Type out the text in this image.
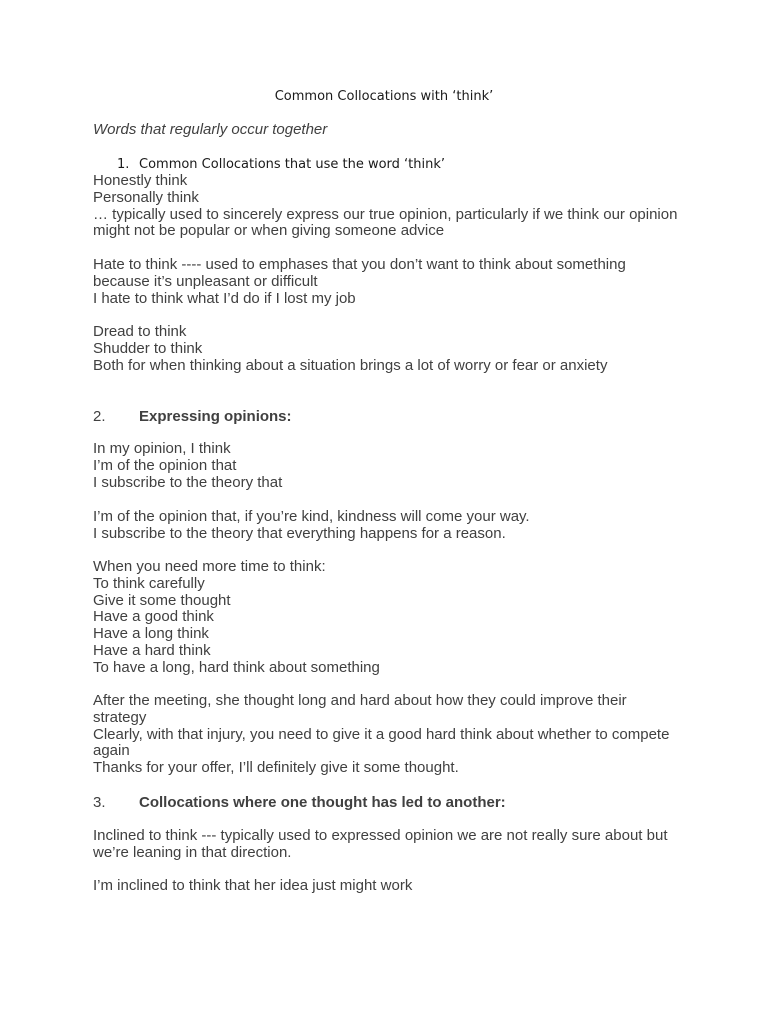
Common Collocations with ‘think’
Words that regularly occur together
1. Common Collocations that use the word ‘think’
Honestly think
Personally think
… typically used to sincerely express our true opinion, particularly if we think our opinion might not be popular or when giving someone advice
Hate to think ---- used to emphases that you don’t want to think about something because it’s unpleasant or difficult
I hate to think what I’d do if I lost my job
Dread to think
Shudder to think
Both for when thinking about a situation brings a lot of worry or fear or anxiety
2. Expressing opinions:
In my opinion, I think
I’m of the opinion that
I subscribe to the theory that
I’m of the opinion that, if you’re kind, kindness will come your way.
I subscribe to the theory that everything happens for a reason.
When you need more time to think:
To think carefully
Give it some thought
Have a good think
Have a long think
Have a hard think
To have a long, hard think about something
After the meeting, she thought long and hard about how they could improve their strategy
Clearly, with that injury, you need to give it a good hard think about whether to compete again
Thanks for your offer, I’ll definitely give it some thought.
3. Collocations where one thought has led to another:
Inclined to think --- typically used to expressed opinion we are not really sure about but we’re leaning in that direction.
I’m inclined to think that her idea just might work
